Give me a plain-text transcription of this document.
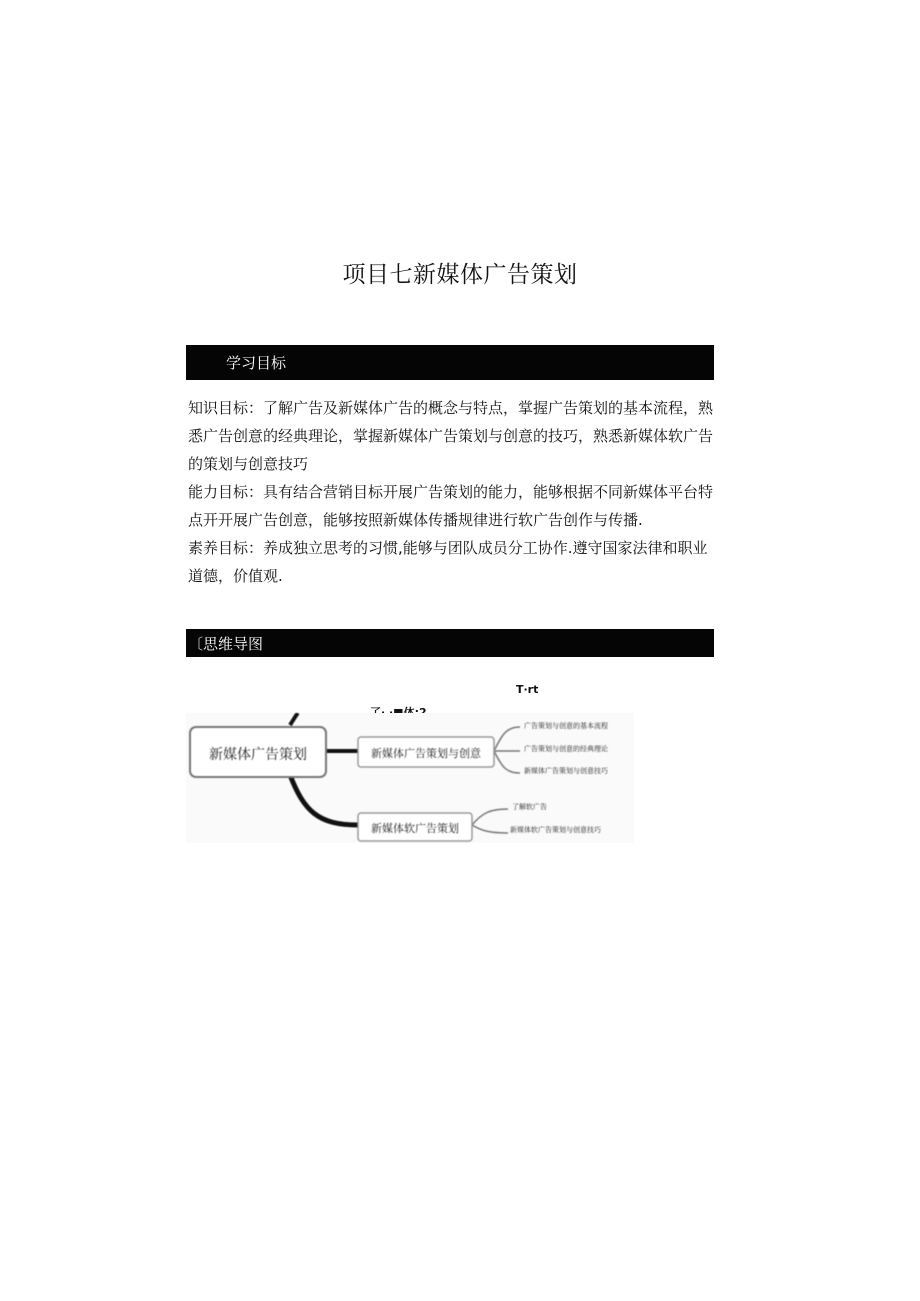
项目七新媒体广告策划
学习目标

知识目标：了解广告及新媒体广告的概念与特点，掌握广告策划的基本流程，熟悉广告创意的经典理论，掌握新媒体广告策划与创意的技巧，熟悉新媒体软广告的策划与创意技巧

能力目标：具有结合营销目标开展广告策划的能力，能够根据不同新媒体平台特点开开展广告创意，能够按照新媒体传播规律进行软广告创作与传播.

素养目标：养成独立思考的习惯,能够与团队成员分工协作.遵守国家法律和职业道德，价值观.

〔思维导图
T·rt
新媒体广告策划	新媒体广告策划与创意
新媒体软广告策划
广告策划与创意的基本流程
广告策划与创意的经典理论
新媒体广告策划与创意技巧
了解软广告
新媒体软广告策划与创意技巧
